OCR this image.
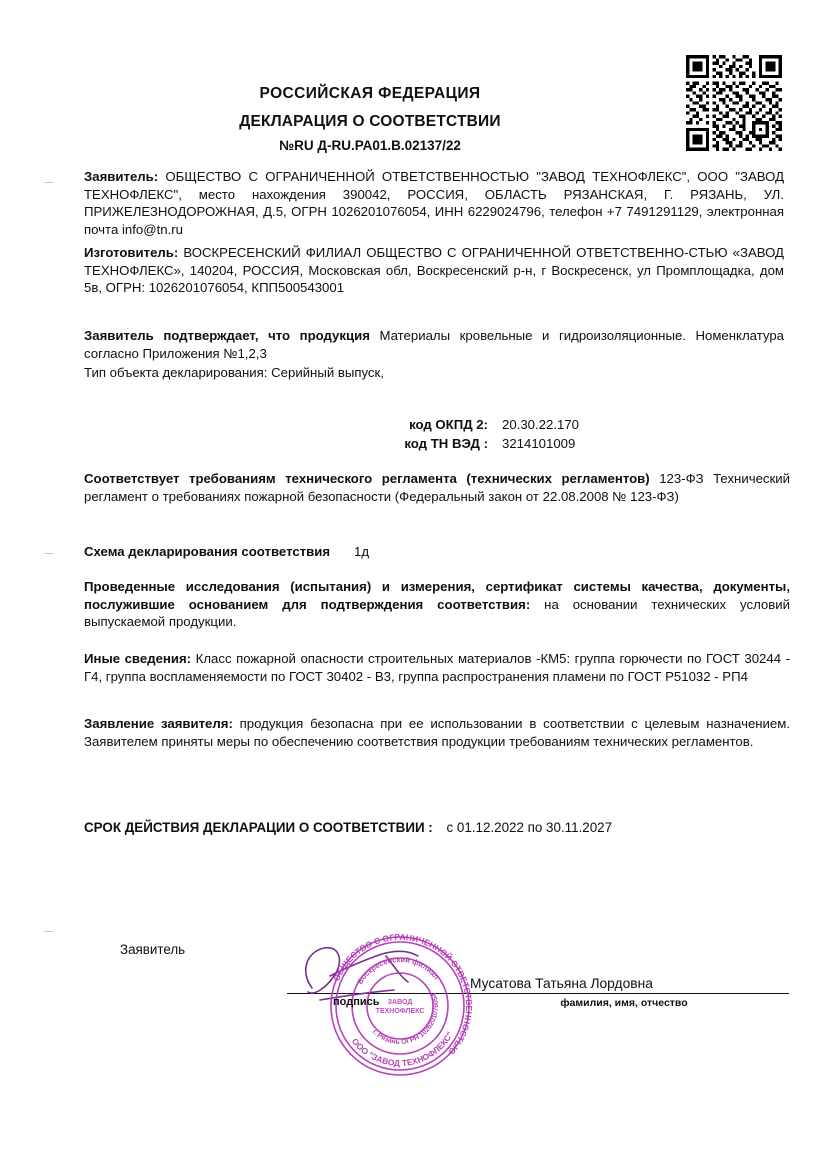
РОССИЙСКАЯ ФЕДЕРАЦИЯ
ДЕКЛАРАЦИЯ О СООТВЕТСТВИИ
№RU Д-RU.РА01.В.02137/22
Заявитель: ОБЩЕСТВО С ОГРАНИЧЕННОЙ ОТВЕТСТВЕННОСТЬЮ "ЗАВОД ТЕХНОФЛЕКС", ООО "ЗАВОД ТЕХНОФЛЕКС", место нахождения 390042, РОССИЯ, ОБЛАСТЬ РЯЗАНСКАЯ, Г. РЯЗАНЬ, УЛ. ПРИЖЕЛЕЗНОДОРОЖНАЯ, Д.5, ОГРН 1026201076054, ИНН 6229024796, телефон +7 7491291129, электронная почта info@tn.ru
Изготовитель: ВОСКРЕСЕНСКИЙ ФИЛИАЛ ОБЩЕСТВО С ОГРАНИЧЕННОЙ ОТВЕТСТВЕННО-СТЬЮ «ЗАВОД ТЕХНОФЛЕКС», 140204, РОССИЯ, Московская обл, Воскресенский р-н, г Воскресенск, ул Промплощадка, дом 5в, ОГРН: 1026201076054, КПП500543001
Заявитель подтверждает, что продукция Материалы кровельные и гидроизоляционные. Номенклатура согласно Приложения №1,2,3
Тип объекта декларирования: Серийный выпуск,
код ОКПД 2:	20.30.22.170
код ТН ВЭД :	3214101009
Соответствует требованиям технического регламента (технических регламентов) 123-ФЗ Технический регламент о требованиях пожарной безопасности (Федеральный закон от 22.08.2008 № 123-ФЗ)
Схема декларирования соответствия	1д
Проведенные исследования (испытания) и измерения, сертификат системы качества, документы, послужившие основанием для подтверждения соответствия: на основании технических условий выпускаемой продукции.
Иные сведения: Класс пожарной опасности строительных материалов -КМ5: группа горючести по ГОСТ 30244 - Г4, группа воспламеняемости по ГОСТ 30402 - В3, группа распространения пламени по ГОСТ Р51032 - РП4
Заявление заявителя: продукция безопасна при ее использовании в соответствии с целевым назначением. Заявителем приняты меры по обеспечению соответствия продукции требованиям технических регламентов.
СРОК ДЕЙСТВИЯ ДЕКЛАРАЦИИ О СООТВЕТСТВИИ : с 01.12.2022 по 30.11.2027
Заявитель
ОБЩЕСТВО С ОГРАНИЧЕННОЙ ОТВЕТСТВЕННОСТЬЮ
ООО "ЗАВОД ТЕХНОФЛЕКС"
Воскресенский филиал
г. Рязань ОГРН 1026201076054
ЗАВОД
ТЕХНОФЛЕКС
подпись
Мусатова Татьяна Лордовна
фамилия, имя, отчество
